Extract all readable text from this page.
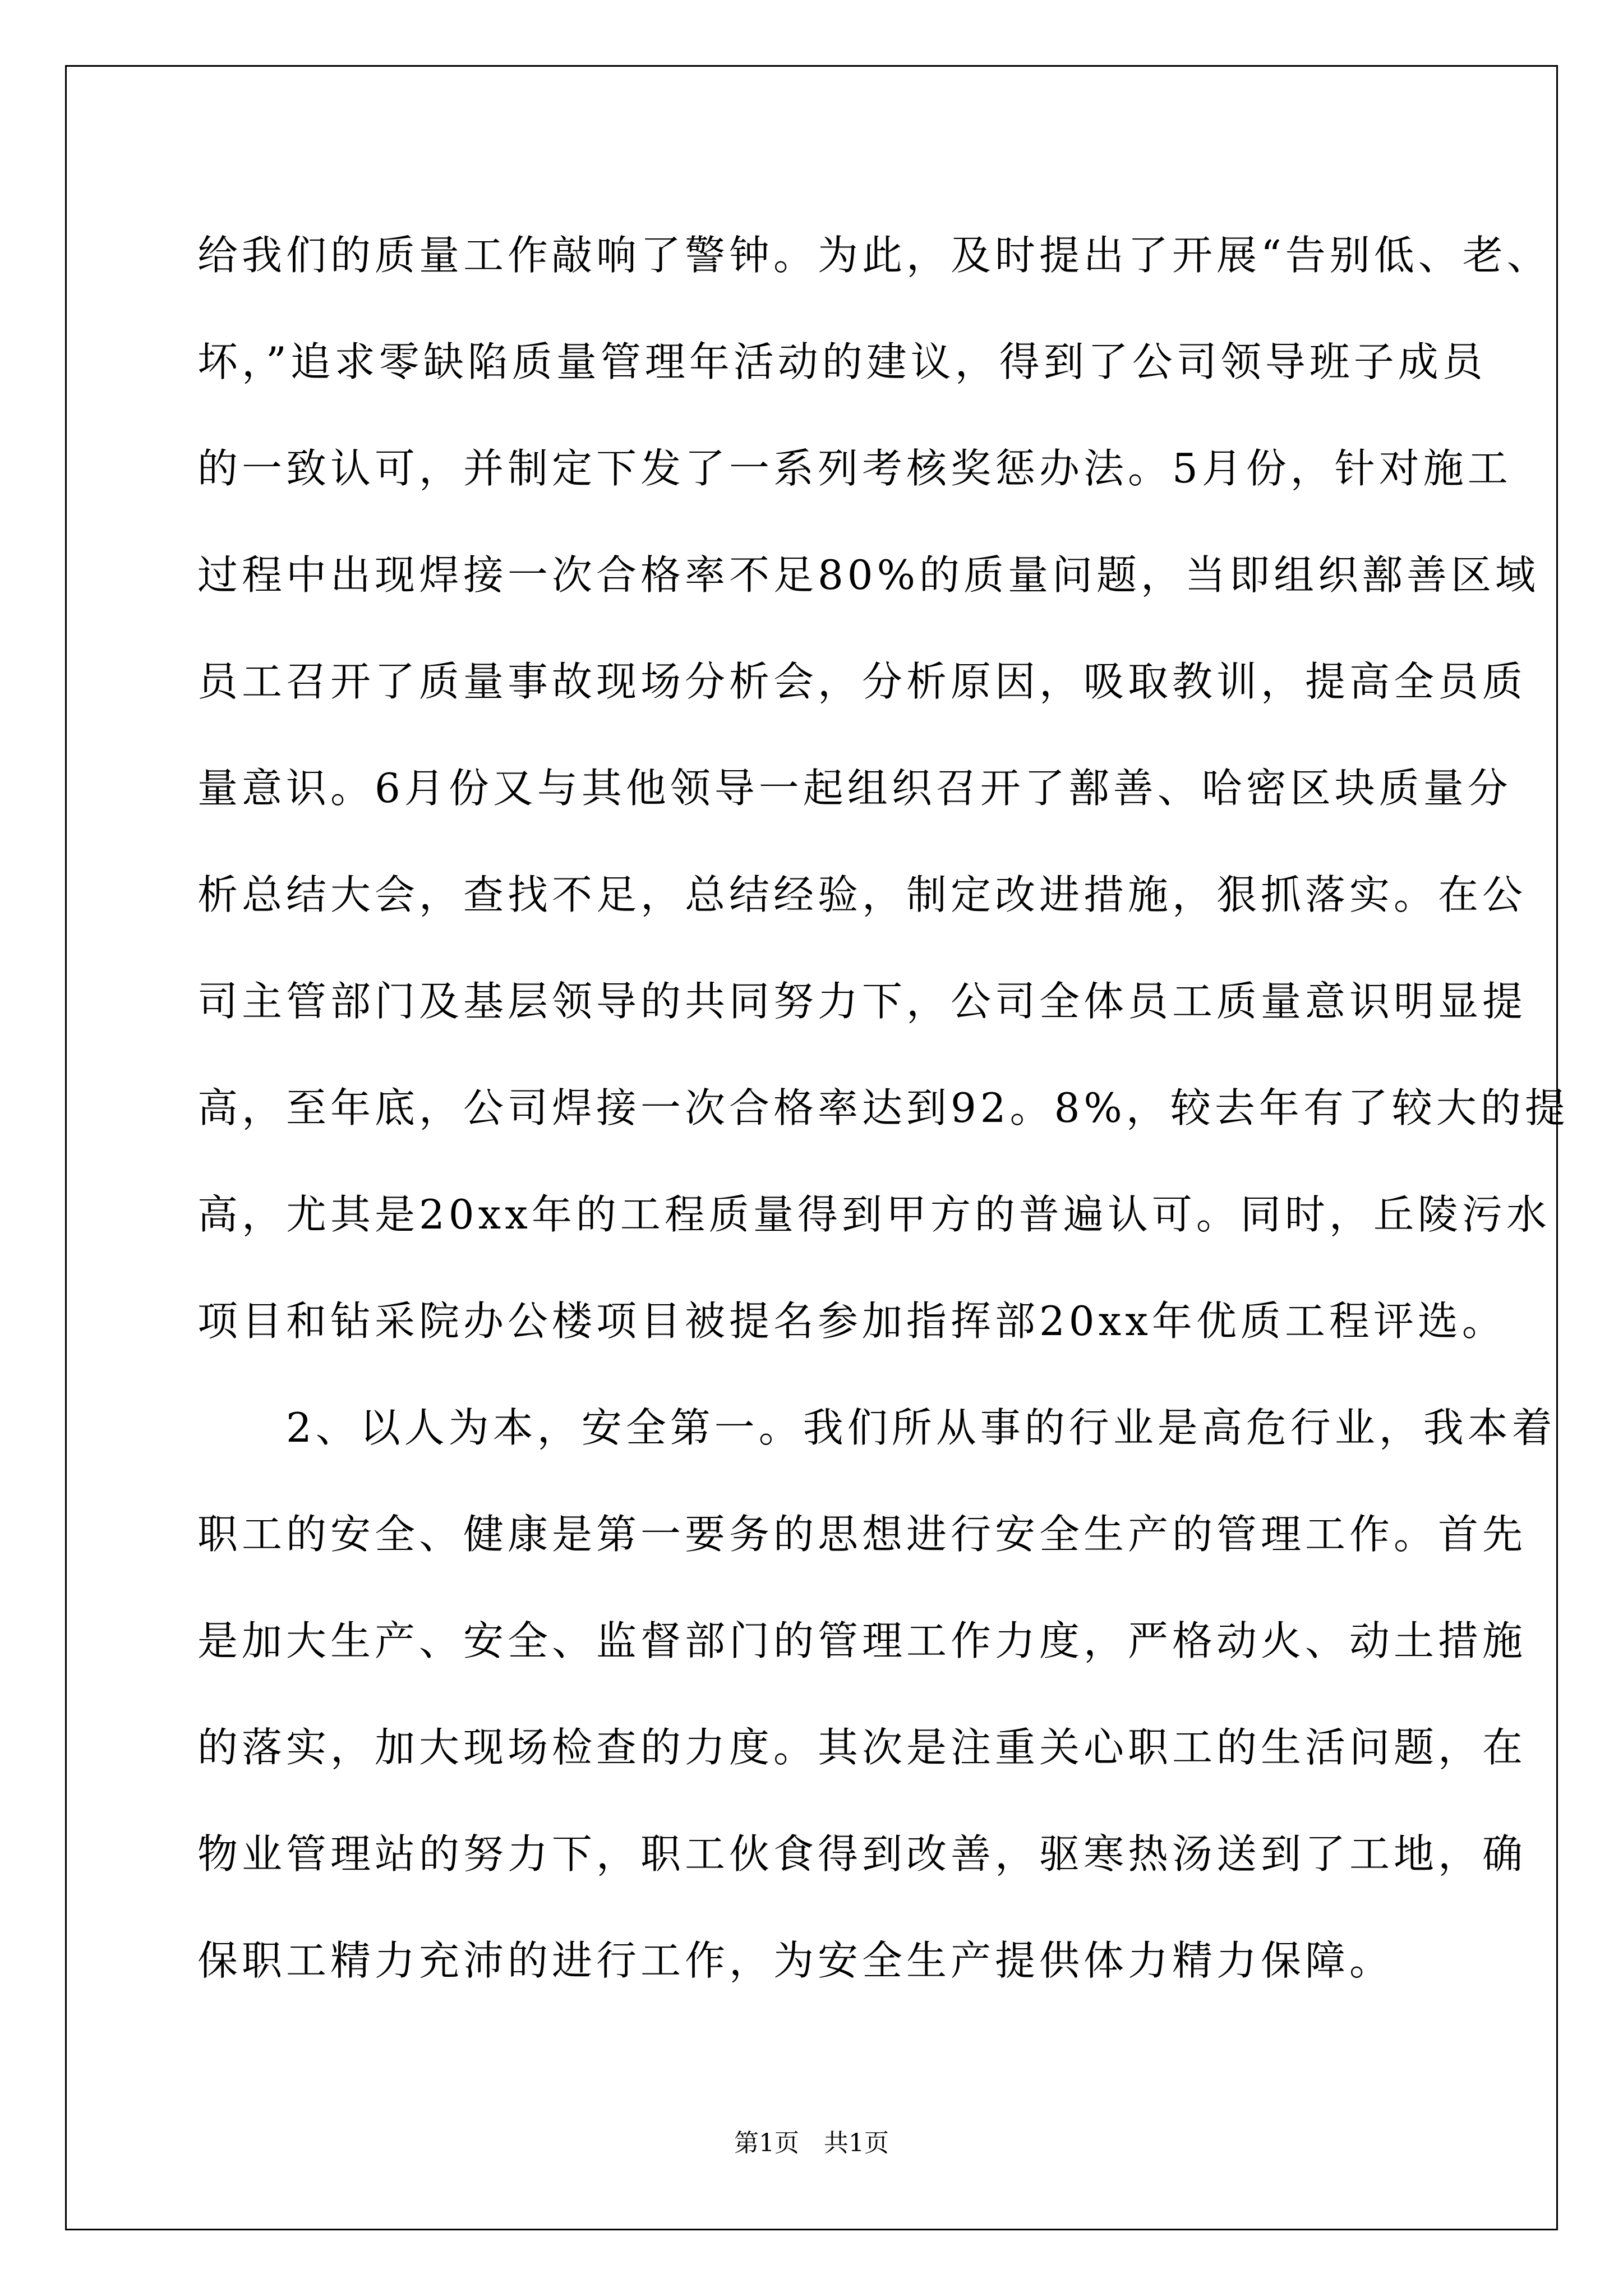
给我们的质量工作敲响了警钟。为此，及时提出了开展“告别低、老、
坏，”追求零缺陷质量管理年活动的建议，得到了公司领导班子成员
的一致认可，并制定下发了一系列考核奖惩办法。5月份，针对施工
过程中出现焊接一次合格率不足80%的质量问题，当即组织鄯善区域
员工召开了质量事故现场分析会，分析原因，吸取教训，提高全员质
量意识。6月份又与其他领导一起组织召开了鄯善、哈密区块质量分
析总结大会，查找不足，总结经验，制定改进措施，狠抓落实。在公
司主管部门及基层领导的共同努力下，公司全体员工质量意识明显提
高，至年底，公司焊接一次合格率达到92。8%，较去年有了较大的提
高，尤其是20xx年的工程质量得到甲方的普遍认可。同时，丘陵污水
项目和钻采院办公楼项目被提名参加指挥部20xx年优质工程评选。
　　2、以人为本，安全第一。我们所从事的行业是高危行业，我本着
职工的安全、健康是第一要务的思想进行安全生产的管理工作。首先
是加大生产、安全、监督部门的管理工作力度，严格动火、动土措施
的落实，加大现场检查的力度。其次是注重关心职工的生活问题，在
物业管理站的努力下，职工伙食得到改善，驱寒热汤送到了工地，确
保职工精力充沛的进行工作，为安全生产提供体力精力保障。
第1页　共1页
